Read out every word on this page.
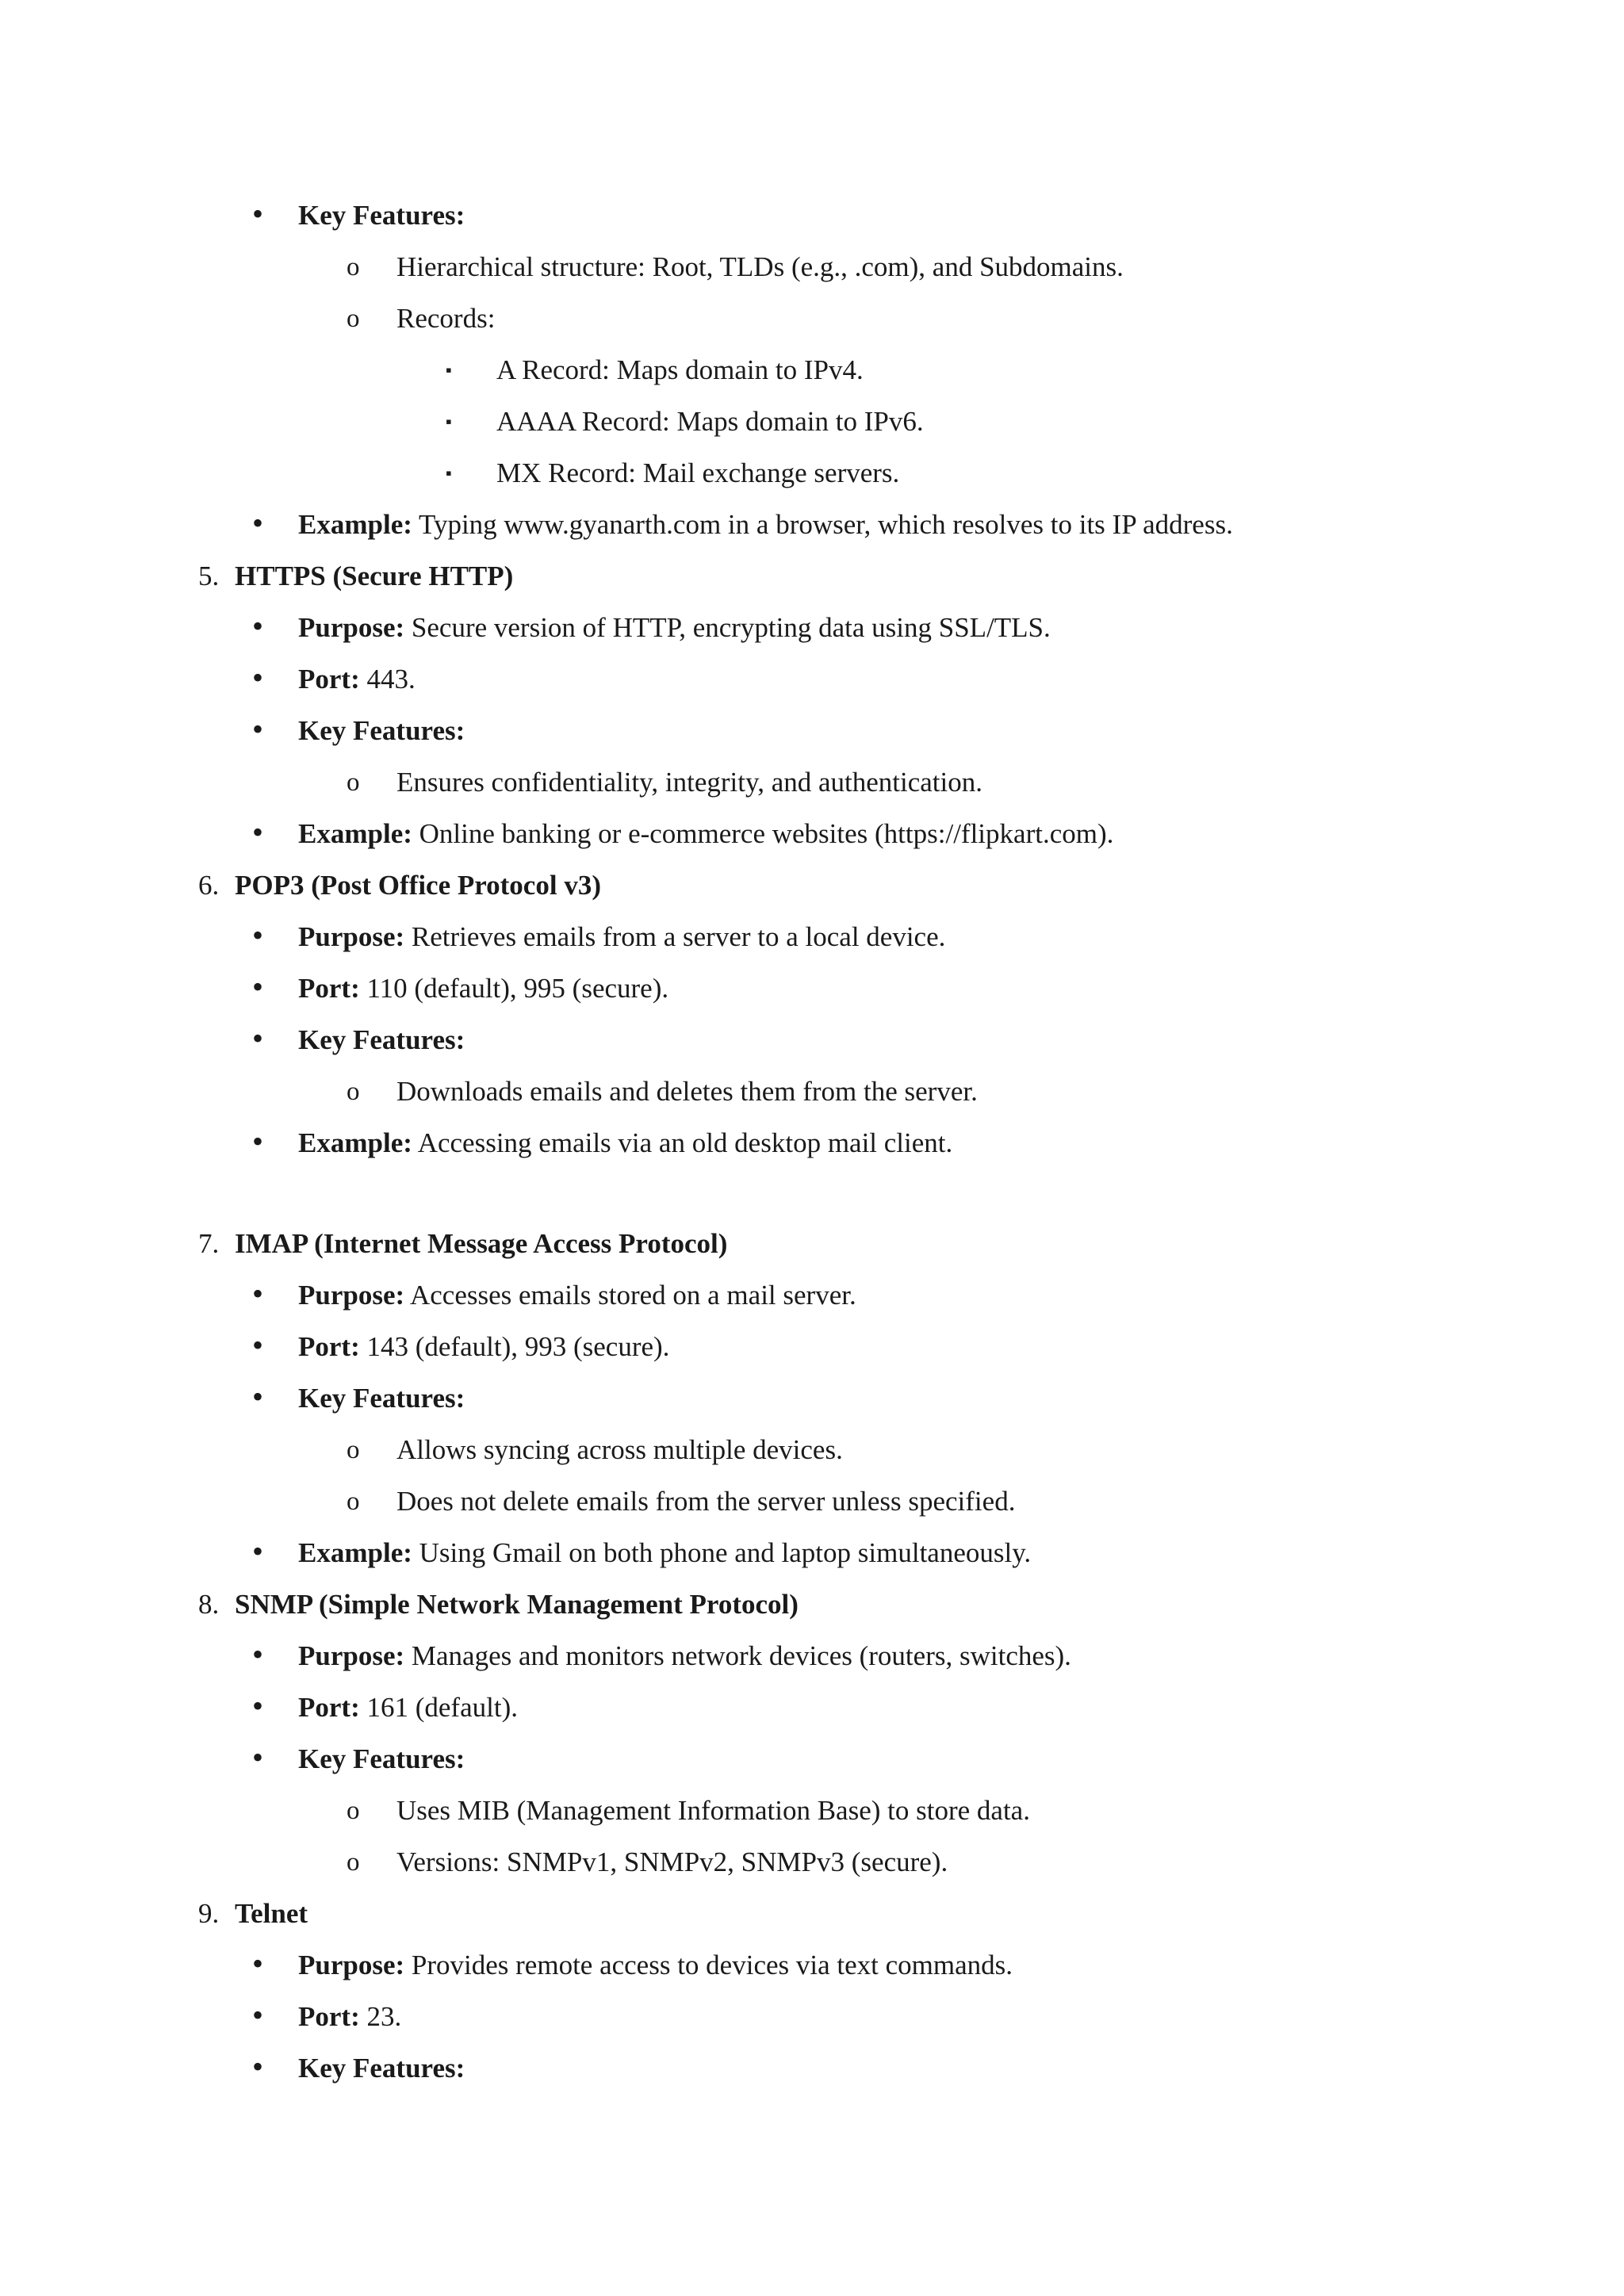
• Key Features:
o Hierarchical structure: Root, TLDs (e.g., .com), and Subdomains.
o Records:
▪ A Record: Maps domain to IPv4.
▪ AAAA Record: Maps domain to IPv6.
▪ MX Record: Mail exchange servers.
• Example: Typing www.gyanarth.com in a browser, which resolves to its IP address.
5. HTTPS (Secure HTTP)
• Purpose: Secure version of HTTP, encrypting data using SSL/TLS.
• Port: 443.
• Key Features:
o Ensures confidentiality, integrity, and authentication.
• Example: Online banking or e-commerce websites (https://flipkart.com).
6. POP3 (Post Office Protocol v3)
• Purpose: Retrieves emails from a server to a local device.
• Port: 110 (default), 995 (secure).
• Key Features:
o Downloads emails and deletes them from the server.
• Example: Accessing emails via an old desktop mail client.
7. IMAP (Internet Message Access Protocol)
• Purpose: Accesses emails stored on a mail server.
• Port: 143 (default), 993 (secure).
• Key Features:
o Allows syncing across multiple devices.
o Does not delete emails from the server unless specified.
• Example: Using Gmail on both phone and laptop simultaneously.
8. SNMP (Simple Network Management Protocol)
• Purpose: Manages and monitors network devices (routers, switches).
• Port: 161 (default).
• Key Features:
o Uses MIB (Management Information Base) to store data.
o Versions: SNMPv1, SNMPv2, SNMPv3 (secure).
9. Telnet
• Purpose: Provides remote access to devices via text commands.
• Port: 23.
• Key Features:
